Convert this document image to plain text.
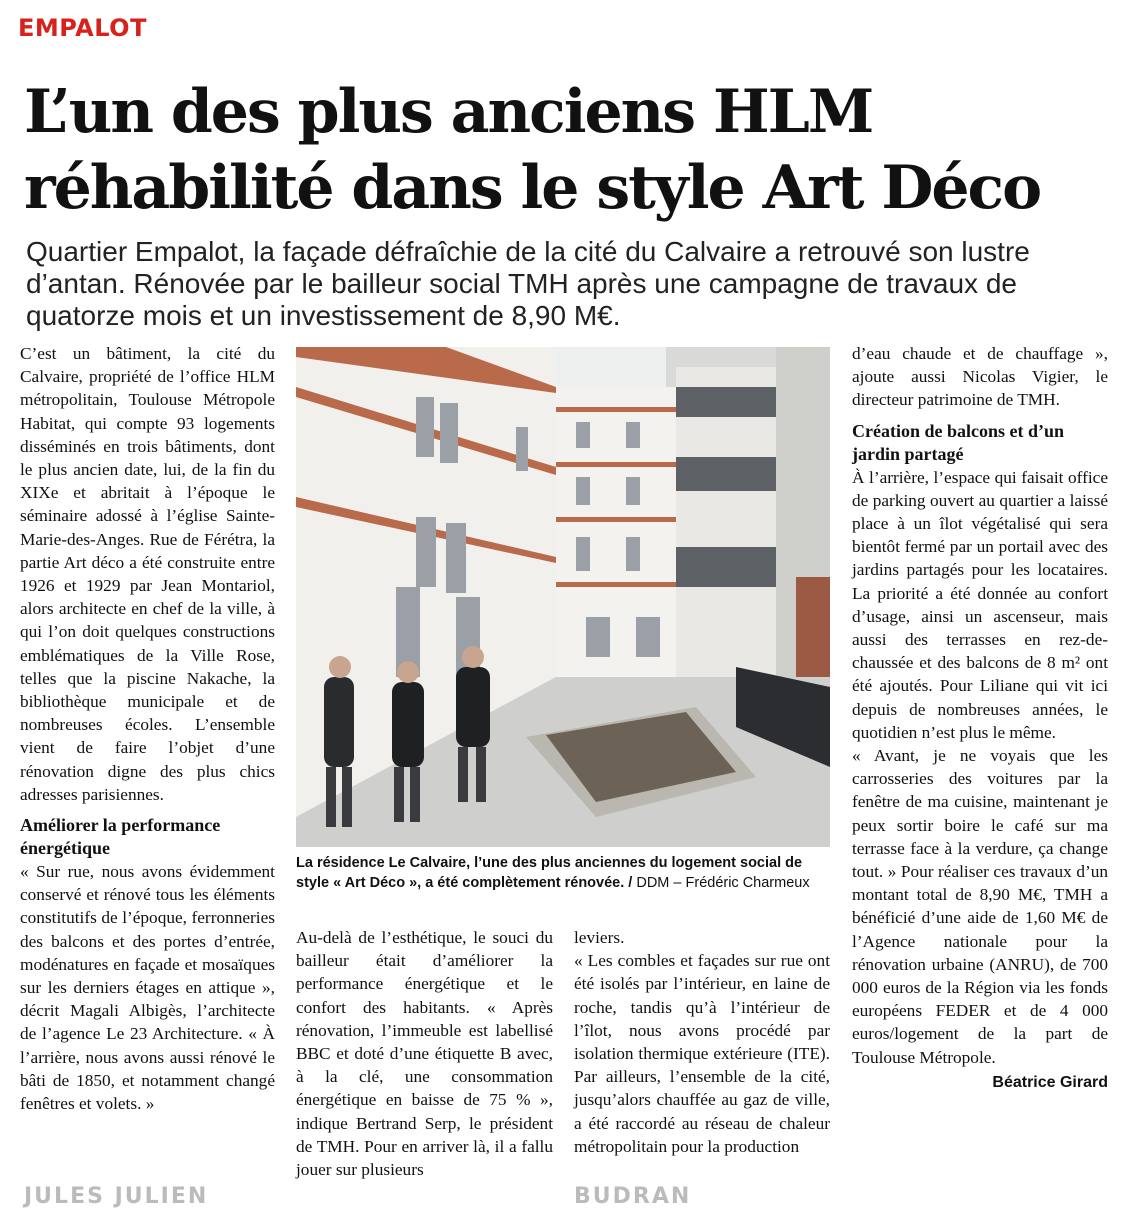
EMPALOT
L’un des plus anciens HLM
réhabilité dans le style Art Déco

Quartier Empalot, la façade défraîchie de la cité du Calvaire a retrouvé son lustre d’antan. Rénovée par le bailleur social TMH après une campagne de travaux de quatorze mois et un investissement de 8,90 M€.

C’est un bâtiment, la cité du Calvaire, propriété de l’office HLM métropolitain, Toulouse Métropole Habitat, qui compte 93 logements disséminés en trois bâtiments, dont le plus ancien date, lui, de la fin du XIXe et abritait à l’époque le séminaire adossé à l’église Sainte-Marie-des-Anges. Rue de Férétra, la partie Art déco a été construite entre 1926 et 1929 par Jean Montariol, alors architecte en chef de la ville, à qui l’on doit quelques constructions emblématiques de la Ville Rose, telles que la piscine Nakache, la bibliothèque municipale et de nombreuses écoles. L’ensemble vient de faire l’objet d’une rénovation digne des plus chics adresses parisiennes.

Améliorer la performance énergétique

« Sur rue, nous avons évidemment conservé et rénové tous les éléments constitutifs de l’époque, ferronneries des balcons et des portes d’entrée, modénatures en façade et mosaïques sur les derniers étages en attique », décrit Magali Albigès, l’architecte de l’agence Le 23 Architecture. « À l’arrière, nous avons aussi rénové le bâti de 1850, et notamment changé fenêtres et volets. »

La résidence Le Calvaire, l’une des plus anciennes du logement social de style « Art Déco », a été complètement rénovée. / DDM – Frédéric Charmeux

Au-delà de l’esthétique, le souci du bailleur était d’améliorer la performance énergétique et le confort des habitants. « Après rénovation, l’immeuble est labellisé BBC et doté d’une étiquette B avec, à la clé, une consommation énergétique en baisse de 75 % », indique Bertrand Serp, le président de TMH. Pour en arriver là, il a fallu jouer sur plusieurs

leviers.

« Les combles et façades sur rue ont été isolés par l’intérieur, en laine de roche, tandis qu’à l’intérieur de l’îlot, nous avons procédé par isolation thermique extérieure (ITE). Par ailleurs, l’ensemble de la cité, jusqu’alors chauffée au gaz de ville, a été raccordé au réseau de chaleur métropolitain pour la production

d’eau chaude et de chauffage », ajoute aussi Nicolas Vigier, le directeur patrimoine de TMH.

Création de balcons et d’un jardin partagé

À l’arrière, l’espace qui faisait office de parking ouvert au quartier a laissé place à un îlot végétalisé qui sera bientôt fermé par un portail avec des jardins partagés pour les locataires. La priorité a été donnée au confort d’usage, ainsi un ascenseur, mais aussi des terrasses en rez-de-chaussée et des balcons de 8 m² ont été ajoutés. Pour Liliane qui vit ici depuis de nombreuses années, le quotidien n’est plus le même.

« Avant, je ne voyais que les carrosseries des voitures par la fenêtre de ma cuisine, maintenant je peux sortir boire le café sur ma terrasse face à la verdure, ça change tout. » Pour réaliser ces travaux d’un montant total de 8,90 M€, TMH a bénéficié d’une aide de 1,60 M€ de l’Agence nationale pour la rénovation urbaine (ANRU), de 700 000 euros de la Région via les fonds européens FEDER et de 4 000 euros/logement de la part de Toulouse Métropole.

Béatrice Girard
JULES JULIEN	BUDRAN
